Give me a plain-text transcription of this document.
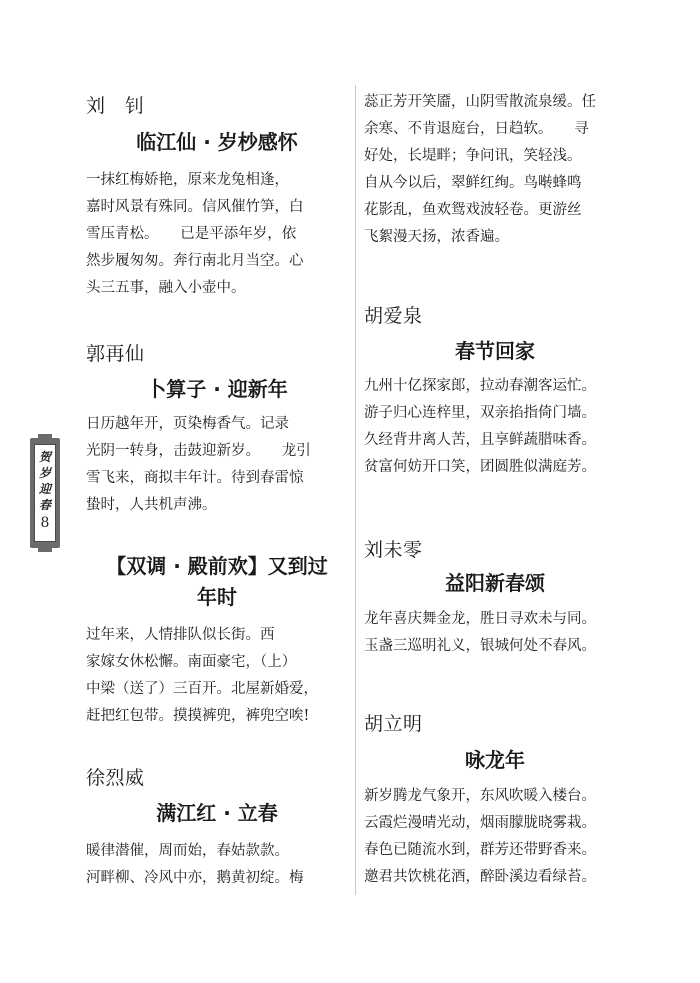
贺
岁
迎
春
8
刘　钊
临江仙 · 岁杪感怀
一抹红梅娇艳，原来龙兔相逢，
嘉时风景有殊同。信风催竹笋，白
雪压青松。　　已是平添年岁，依
然步履匆匆。奔行南北月当空。心
头三五事，融入小壶中。
郭再仙
卜算子 · 迎新年
日历越年开，页染梅香气。记录
光阴一转身，击鼓迎新岁。　　龙引
雪飞来，商拟丰年计。待到春雷惊
蛰时，人共机声沸。
【双调 · 殿前欢】又到过
年时
过年来，人情排队似长街。西
家嫁女休松懈。南面豪宅，（上）
中梁（送了）三百开。北屋新婚爱，
赶把红包带。摸摸裤兜，裤兜空唉!
徐烈威
满江红 · 立春
暖律潜催，周而始，春姑款款。
河畔柳、冷风中亦，鹅黄初绽。梅
蕊正芳开笑靥，山阴雪散流泉缓。任
余寒、不肯退庭台，日趋软。　　寻
好处，长堤畔；争问讯，笑轻浅。
自从今以后，翠鲜红绚。鸟啭蜂鸣
花影乱，鱼欢鸳戏波轻卷。更游丝
飞絮漫天扬，浓香遍。
胡爱泉
春节回家
九州十亿探家郎，拉动春潮客运忙。
游子归心连梓里，双亲掐指倚门墙。
久经背井离人苦，且享鲜蔬腊味香。
贫富何妨开口笑，团圆胜似满庭芳。
刘未零
益阳新春颂
龙年喜庆舞金龙，胜日寻欢未与同。
玉盏三巡明礼义，银城何处不春风。
胡立明
咏龙年
新岁腾龙气象开，东风吹暖入楼台。
云霞烂漫晴光动，烟雨朦胧晓雾栽。
春色已随流水到，群芳还带野香来。
邀君共饮桃花酒，醉卧溪边看绿苔。
